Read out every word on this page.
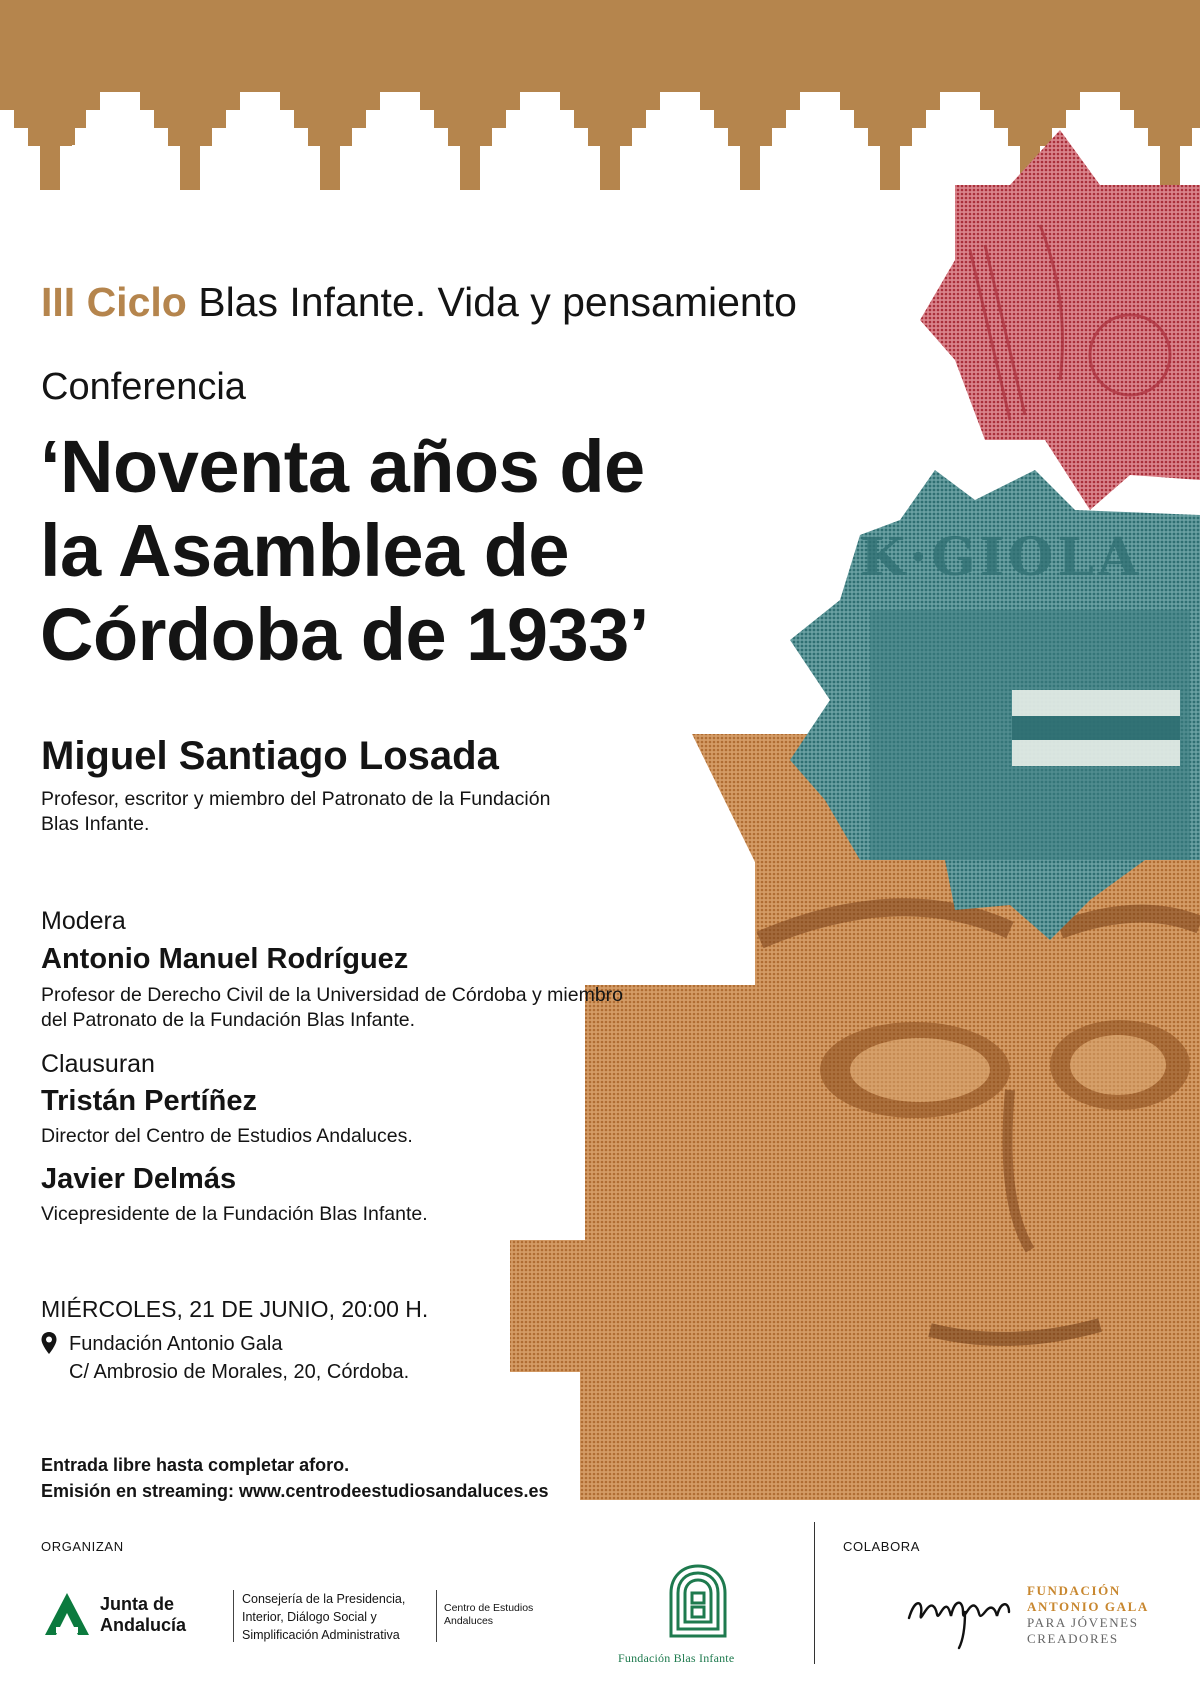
K·GIOLA
III Ciclo Blas Infante. Vida y pensamiento
Conferencia
‘Noventa años de
la Asamblea de
Córdoba de 1933’
Miguel Santiago Losada
Profesor, escritor y miembro del Patronato de la Fundación Blas Infante.
Modera
Antonio Manuel Rodríguez
Profesor de Derecho Civil de la Universidad de Córdoba y miembro del Patronato de la Fundación Blas Infante.
Clausuran
Tristán Pertíñez
Director del Centro de Estudios Andaluces.
Javier Delmás
Vicepresidente de la Fundación Blas Infante.
MIÉRCOLES, 21 DE JUNIO, 20:00 H.
Fundación Antonio Gala
C/ Ambrosio de Morales, 20, Córdoba.
Entrada libre hasta completar aforo.
Emisión en streaming: www.centrodeestudiosandaluces.es
ORGANIZAN	COLABORA
Junta de Andalucía
Consejería de la Presidencia, Interior, Diálogo Social y Simplificación Administrativa
Centro de Estudios Andaluces
Fundación Blas Infante
FUNDACIÓN
ANTONIO GALA
PARA JÓVENES
CREADORES
